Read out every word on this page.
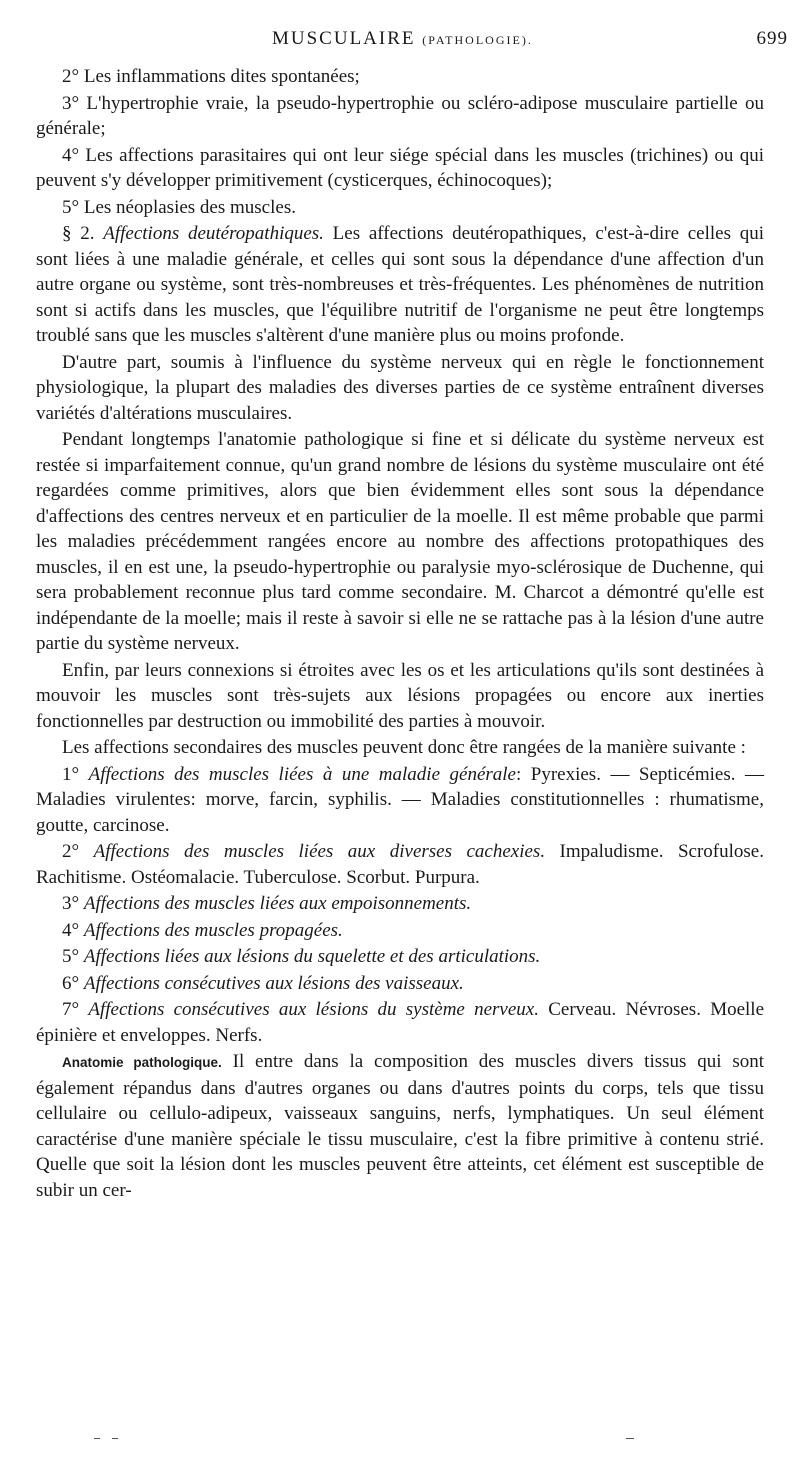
MUSCULAIRE (PATHOLOGIE).	699

2° Les inflammations dites spontanées;

3° L'hypertrophie vraie, la pseudo-hypertrophie ou scléro-adipose musculaire partielle ou générale;

4° Les affections parasitaires qui ont leur siége spécial dans les muscles (trichines) ou qui peuvent s'y développer primitivement (cysticerques, échinocoques);

5° Les néoplasies des muscles.

§ 2. Affections deutéropathiques. Les affections deutéropathiques, c'est-à-dire celles qui sont liées à une maladie générale, et celles qui sont sous la dépendance d'une affection d'un autre organe ou système, sont très-nombreuses et très-fréquentes. Les phénomènes de nutrition sont si actifs dans les muscles, que l'équilibre nutritif de l'organisme ne peut être longtemps troublé sans que les muscles s'altèrent d'une manière plus ou moins profonde.

D'autre part, soumis à l'influence du système nerveux qui en règle le fonctionnement physiologique, la plupart des maladies des diverses parties de ce système entraînent diverses variétés d'altérations musculaires.

Pendant longtemps l'anatomie pathologique si fine et si délicate du système nerveux est restée si imparfaitement connue, qu'un grand nombre de lésions du système musculaire ont été regardées comme primitives, alors que bien évidemment elles sont sous la dépendance d'affections des centres nerveux et en particulier de la moelle. Il est même probable que parmi les maladies précédemment rangées encore au nombre des affections protopathiques des muscles, il en est une, la pseudo-hypertrophie ou paralysie myo-sclérosique de Duchenne, qui sera probablement reconnue plus tard comme secondaire. M. Charcot a démontré qu'elle est indépendante de la moelle; mais il reste à savoir si elle ne se rattache pas à la lésion d'une autre partie du système nerveux.

Enfin, par leurs connexions si étroites avec les os et les articulations qu'ils sont destinées à mouvoir les muscles sont très-sujets aux lésions propagées ou encore aux inerties fonctionnelles par destruction ou immobilité des parties à mouvoir.

Les affections secondaires des muscles peuvent donc être rangées de la manière suivante :

1° Affections des muscles liées à une maladie générale: Pyrexies. — Septicémies. — Maladies virulentes: morve, farcin, syphilis. — Maladies constitutionnelles : rhumatisme, goutte, carcinose.

2° Affections des muscles liées aux diverses cachexies. Impaludisme. Scrofulose. Rachitisme. Ostéomalacie. Tuberculose. Scorbut. Purpura.

3° Affections des muscles liées aux empoisonnements.

4° Affections des muscles propagées.

5° Affections liées aux lésions du squelette et des articulations.

6° Affections consécutives aux lésions des vaisseaux.

7° Affections consécutives aux lésions du système nerveux. Cerveau. Névroses. Moelle épinière et enveloppes. Nerfs.

Anatomie pathologique. Il entre dans la composition des muscles divers tissus qui sont également répandus dans d'autres organes ou dans d'autres points du corps, tels que tissu cellulaire ou cellulo-adipeux, vaisseaux sanguins, nerfs, lymphatiques. Un seul élément caractérise d'une manière spéciale le tissu musculaire, c'est la fibre primitive à contenu strié. Quelle que soit la lésion dont les muscles peuvent être atteints, cet élément est susceptible de subir un cer-
